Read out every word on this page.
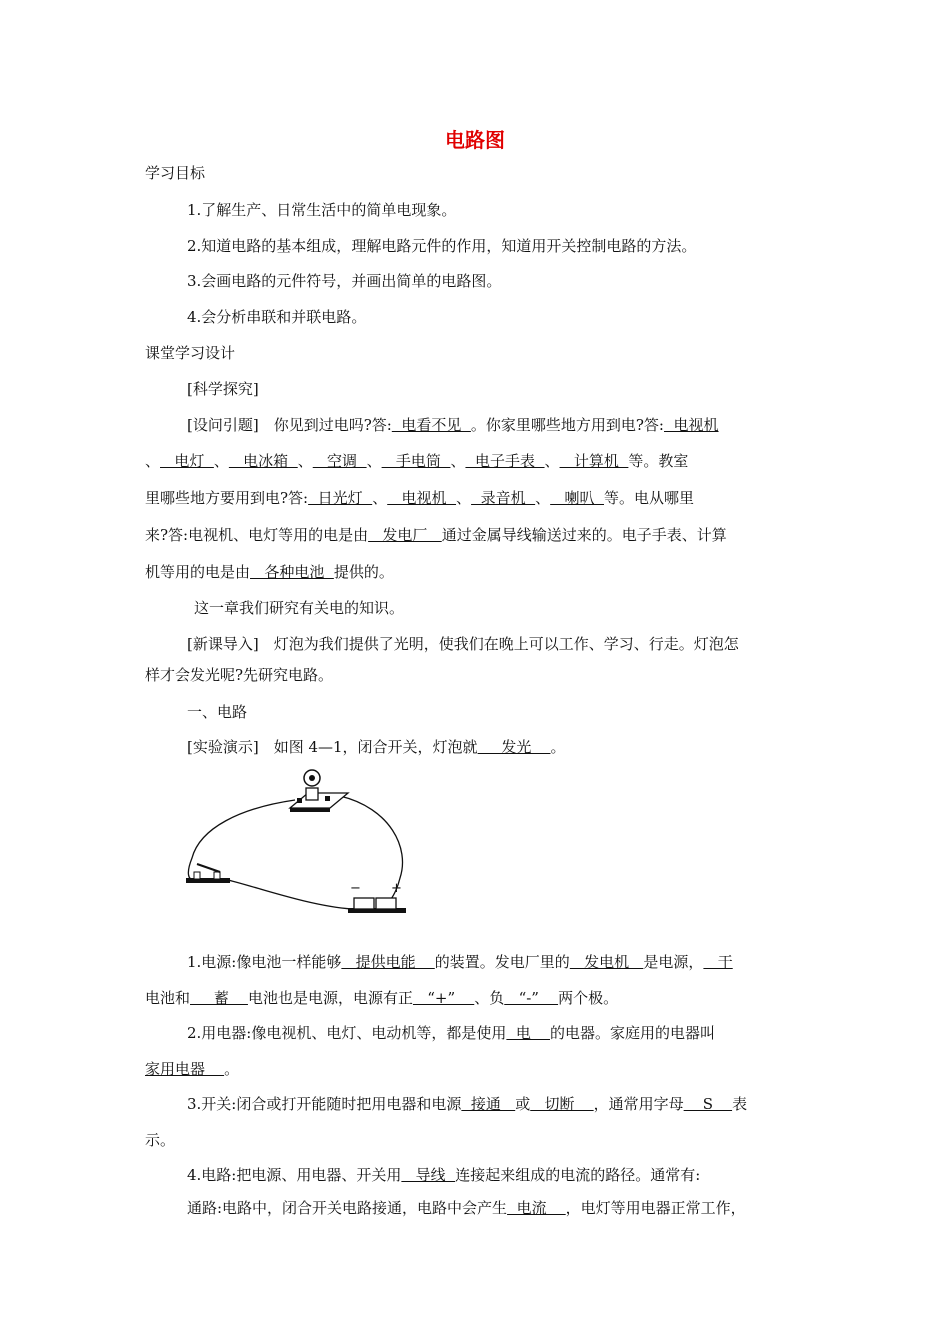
电路图
学习目标
1.了解生产、日常生活中的简单电现象。
2.知道电路的基本组成，理解电路元件的作用，知道用开关控制电路的方法。
3.会画电路的元件符号，并画出简单的电路图。
4.会分析串联和并联电路。
课堂学习设计
[科学探究]
[设问引题]　你见到过电吗?答:  电看不见  。你家里哪些地方用到电?答:  电视机
、   电灯  、   电冰箱  、   空调  、   手电筒  、  电子手表  、   计算机  等。教室
里哪些地方要用到电?答:  日光灯  、   电视机  、  录音机  、   喇叭  等。电从哪里
来?答:电视机、电灯等用的电是由   发电厂   通过金属导线输送过来的。电子手表、计算
机等用的电是由   各种电池  提供的。
这一章我们研究有关电的知识。
[新课导入]　灯泡为我们提供了光明，使我们在晚上可以工作、学习、行走。灯泡怎
样才会发光呢?先研究电路。
一、电路
[实验演示]　如图 4—1，闭合开关，灯泡就     发光    。
− +
1.电源:像电池一样能够   提供电能    的装置。发电厂里的   发电机   是电源，   干
电池和     蓄    电池也是电源，电源有正   “+”    、负   “-”    两个极。
2.用电器:像电视机、电灯、电动机等，都是使用  电    的电器。家庭用的电器叫
家用电器    。
3.开关:闭合或打开能随时把用电器和电源  接通   或   切断    ，通常用字母    S    表
示。
4.电路:把电源、用电器、开关用   导线  连接起来组成的电流的路径。通常有:
通路:电路中，闭合开关电路接通，电路中会产生  电流    ，电灯等用电器正常工作，
